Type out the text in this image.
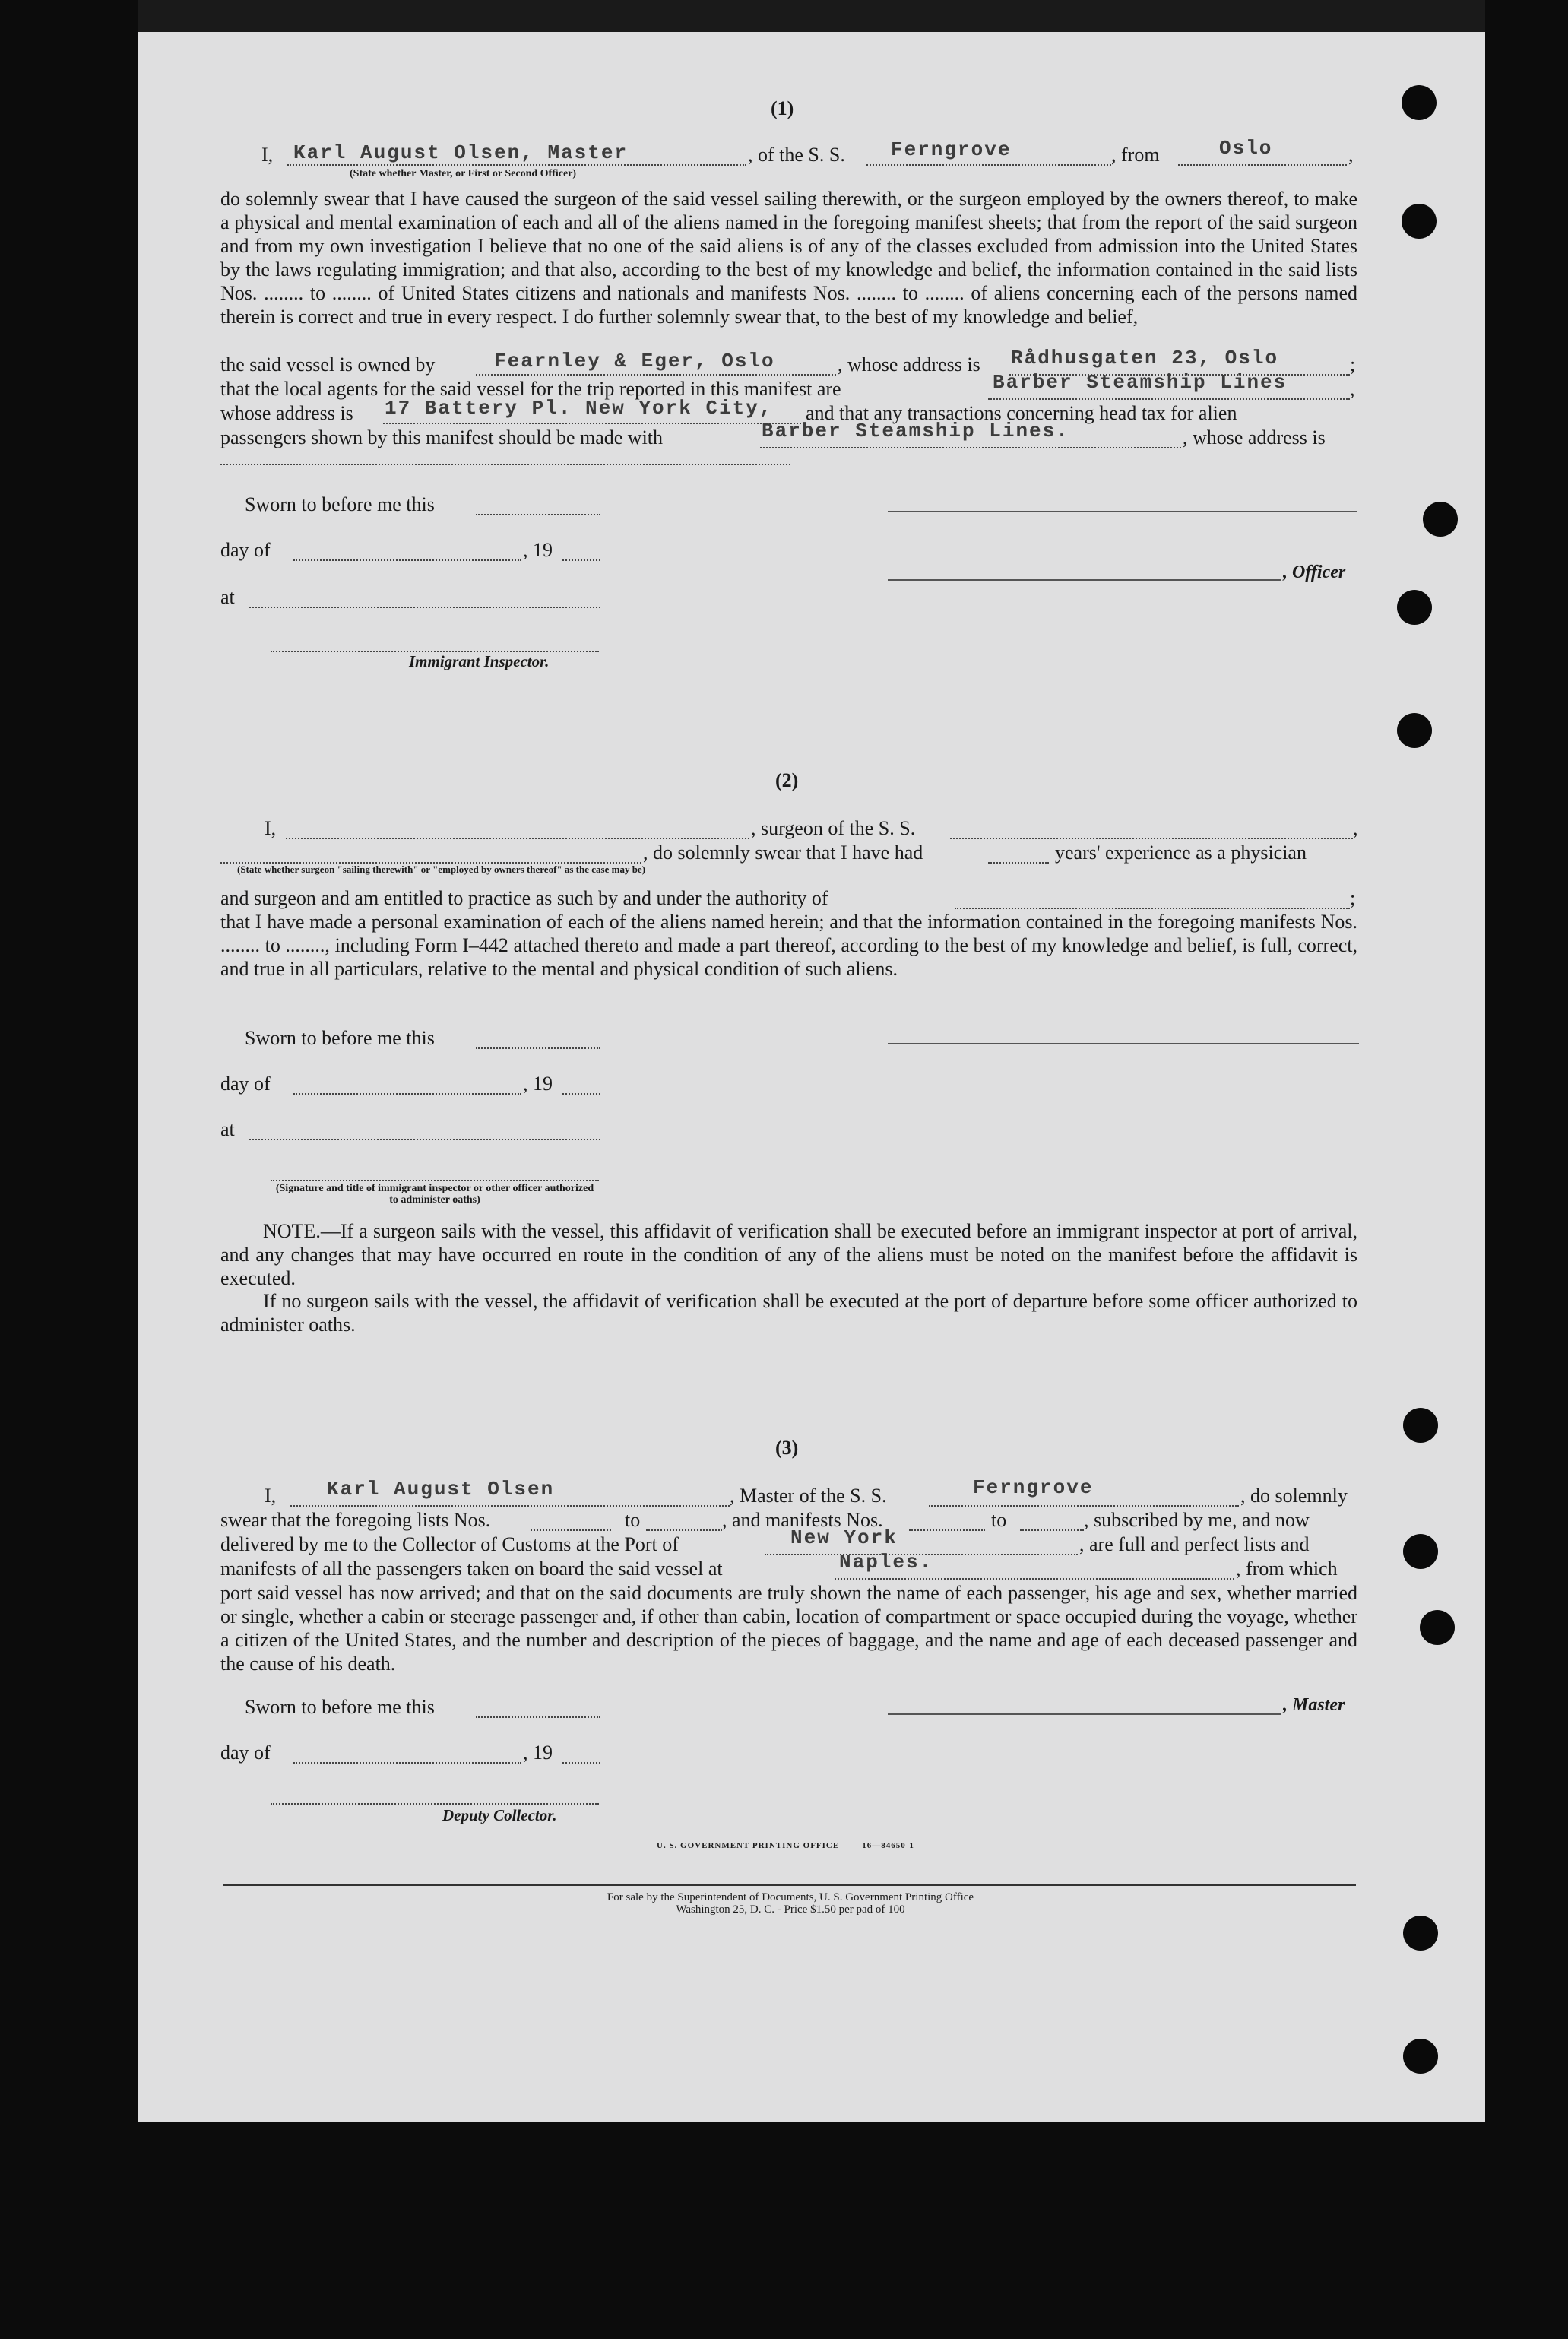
(1)
I, Karl August Olsen, Master	, of the S. S. Ferngrove	, from	Oslo	,
(State whether Master, or First or Second Officer)
do solemnly swear that I have caused the surgeon of the said vessel sailing therewith, or the surgeon employed by the owners thereof, to make a physical and mental examination of each and all of the aliens named in the foregoing manifest sheets; that from the report of the said surgeon and from my own investigation I believe that no one of the said aliens is of any of the classes excluded from admission into the United States by the laws regulating immigration; and that also, according to the best of my knowledge and belief, the information contained in the said lists Nos. ........ to ........ of United States citizens and nationals and manifests Nos. ........ to ........ of aliens concerning each of the persons named therein is correct and true in every respect. I do further solemnly swear that, to the best of my knowledge and belief,
the said vessel is owned by	Fearnley & Eger, Oslo	, whose address is Rådhusgaten 23, Oslo	;
that the local agents for the said vessel for the trip reported in this manifest are	Barber Steamship Lines	,
whose address is 17 Battery Pl. New York City, and that any transactions concerning head tax for alien
passengers shown by this manifest should be made with	Barber Steamship Lines.	, whose address is
Sworn to before me this
day of	, 19
, Officer
at
Immigrant Inspector.
(2)
I,	, surgeon of the S. S.	,
, do solemnly swear that I have had	years' experience as a physician
(State whether surgeon "sailing therewith" or "employed by owners thereof" as the case may be)
and surgeon and am entitled to practice as such by and under the authority of	;
that I have made a personal examination of each of the aliens named herein; and that the information contained in the foregoing manifests Nos. ........ to ........, including Form I–442 attached thereto and made a part thereof, according to the best of my knowledge and belief, is full, correct, and true in all particulars, relative to the mental and physical condition of such aliens.
Sworn to before me this
day of	, 19
at
(Signature and title of immigrant inspector or other officer authorized to administer oaths)
NOTE.—If a surgeon sails with the vessel, this affidavit of verification shall be executed before an immigrant inspector at port of arrival, and any changes that may have occurred en route in the condition of any of the aliens must be noted on the manifest before the affidavit is executed.
If no surgeon sails with the vessel, the affidavit of verification shall be executed at the port of departure before some officer authorized to administer oaths.
(3)
I,	Karl August Olsen	, Master of the S. S.	Ferngrove	, do solemnly
swear that the foregoing lists Nos.	to	, and manifests Nos.	to	, subscribed by me, and now
delivered by me to the Collector of Customs at the Port of	New York	, are full and perfect lists and
manifests of all the passengers taken on board the said vessel at	Naples.	, from which
port said vessel has now arrived; and that on the said documents are truly shown the name of each passenger, his age and sex, whether married or single, whether a cabin or steerage passenger and, if other than cabin, location of compartment or space occupied during the voyage, whether a citizen of the United States, and the number and description of the pieces of baggage, and the name and age of each deceased passenger and the cause of his death.
Sworn to before me this	, Master
day of	, 19
Deputy Collector.
U. S. GOVERNMENT PRINTING OFFICE        16—84650-1
For sale by the Superintendent of Documents, U. S. Government Printing Office
Washington 25, D. C. - Price $1.50 per pad of 100
